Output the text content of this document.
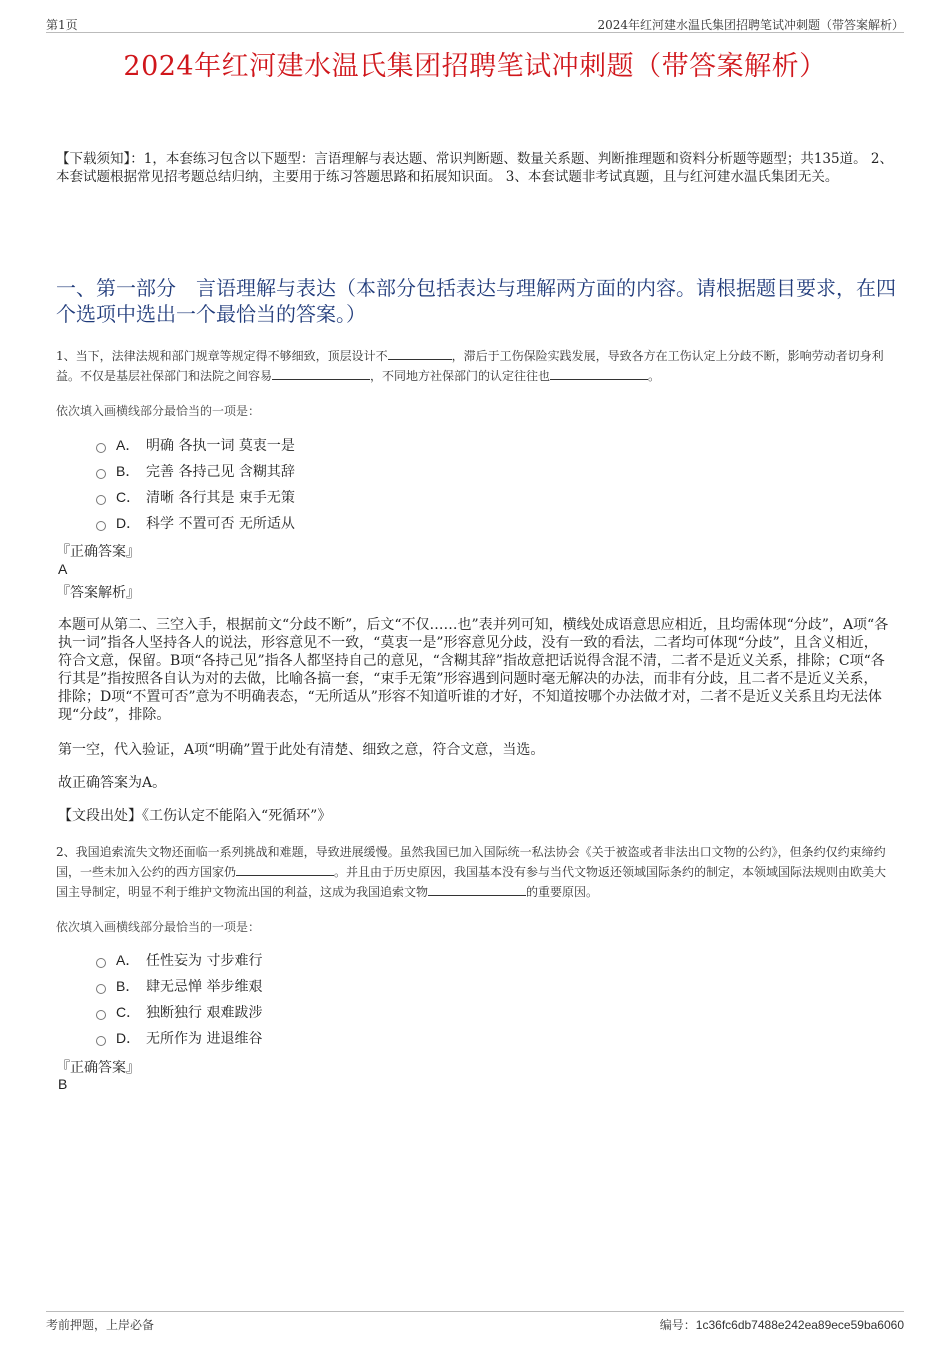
第1页	2024年红河建水温氏集团招聘笔试冲刺题（带答案解析）
2024年红河建水温氏集团招聘笔试冲刺题（带答案解析）
【下载须知】：1，本套练习包含以下题型：言语理解与表达题、常识判断题、数量关系题、判断推理题和资料分析题等题型；共135道。 2、本套试题根据常见招考题总结归纳，主要用于练习答题思路和拓展知识面。 3、本套试题非考试真题，且与红河建水温氏集团无关。
一、第一部分　言语理解与表达（本部分包括表达与理解两方面的内容。请根据题目要求，在四个选项中选出一个最恰当的答案。）
1、当下，法律法规和部门规章等规定得不够细致，顶层设计不	，滞后于工伤保险实践发展，导致各方在工伤认定上分歧不断，影响劳动者切身利益。不仅是基层社保部门和法院之间容易	，不同地方社保部门的认定往往也	。
依次填入画横线部分最恰当的一项是：
A． 明确 各执一词 莫衷一是
B． 完善 各持己见 含糊其辞
C． 清晰 各行其是 束手无策
D． 科学 不置可否 无所适从
『正确答案』
A
『答案解析』
本题可从第二、三空入手，根据前文“分歧不断”，后文“不仅……也”表并列可知，横线处成语意思应相近，且均需体现“分歧”，A项“各执一词”指各人坚持各人的说法，形容意见不一致，“莫衷一是”形容意见分歧，没有一致的看法，二者均可体现“分歧”，且含义相近，符合文意，保留。B项“各持己见”指各人都坚持自己的意见，“含糊其辞”指故意把话说得含混不清，二者不是近义关系，排除；C项“各行其是”指按照各自认为对的去做，比喻各搞一套，“束手无策”形容遇到问题时毫无解决的办法，而非有分歧，且二者不是近义关系，排除；D项“不置可否”意为不明确表态，“无所适从”形容不知道听谁的才好，不知道按哪个办法做才对，二者不是近义关系且均无法体现“分歧”，排除。
第一空，代入验证，A项“明确”置于此处有清楚、细致之意，符合文意，当选。
故正确答案为A。
【文段出处】《工伤认定不能陷入“死循环”》
2、我国追索流失文物还面临一系列挑战和难题，导致进展缓慢。虽然我国已加入国际统一私法协会《关于被盗或者非法出口文物的公约》，但条约仅约束缔约国，一些未加入公约的西方国家仍	。并且由于历史原因，我国基本没有参与当代文物返还领域国际条约的制定，本领域国际法规则由欧美大国主导制定，明显不利于维护文物流出国的利益，这成为我国追索文物	的重要原因。
依次填入画横线部分最恰当的一项是：
A． 任性妄为 寸步难行
B． 肆无忌惮 举步维艰
C． 独断独行 艰难跋涉
D． 无所作为 进退维谷
『正确答案』
B
考前押题，上岸必备	编号：1c36fc6db7488e242ea89ece59ba6060
